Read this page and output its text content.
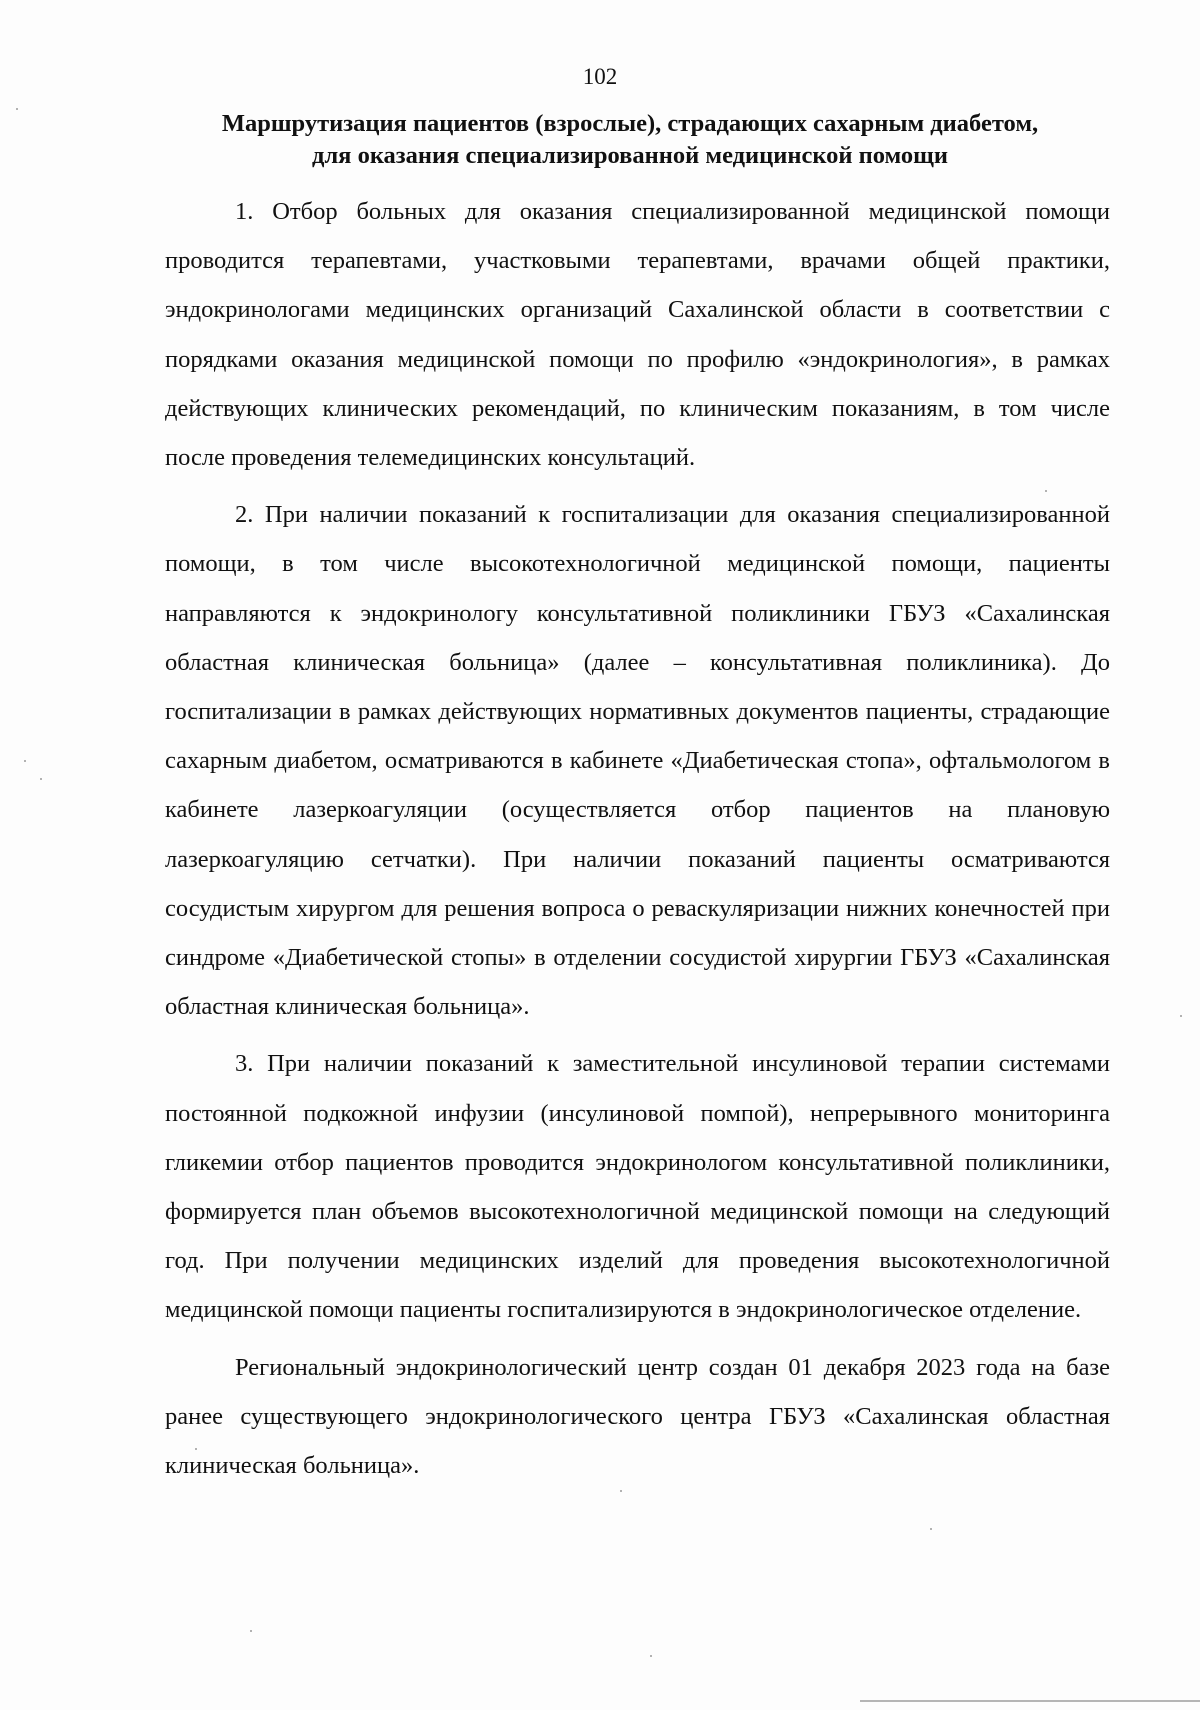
102
Маршрутизация пациентов (взрослые), страдающих сахарным диабетом,
для оказания специализированной медицинской помощи

1. Отбор больных для оказания специализированной медицинской помощи проводится терапевтами, участковыми терапевтами, врачами общей практики, эндокринологами медицинских организаций Сахалинской области в соответствии с порядками оказания медицинской помощи по профилю «эндокринология», в рамках действующих клинических рекомендаций, по клиническим показаниям, в том числе после проведения телемедицинских консультаций.

2. При наличии показаний к госпитализации для оказания специализированной помощи, в том числе высокотехнологичной медицинской помощи, пациенты направляются к эндокринологу консультативной поликлиники ГБУЗ «Сахалинская областная клиническая больница» (далее – консультативная поликлиника). До госпитализации в рамках действующих нормативных документов пациенты, страдающие сахарным диабетом, осматриваются в кабинете «Диабетическая стопа», офтальмологом в кабинете лазеркоагуляции (осуществляется отбор пациентов на плановую лазеркоагуляцию сетчатки). При наличии показаний пациенты осматриваются сосудистым хирургом для решения вопроса о реваскуляризации нижних конечностей при синдроме «Диабетической стопы» в отделении сосудистой хирургии ГБУЗ «Сахалинская областная клиническая больница».

3. При наличии показаний к заместительной инсулиновой терапии системами постоянной подкожной инфузии (инсулиновой помпой), непрерывного мониторинга гликемии отбор пациентов проводится эндокринологом консультативной поликлиники, формируется план объемов высокотехнологичной медицинской помощи на следующий год. При получении медицинских изделий для проведения высокотехнологичной медицинской помощи пациенты госпитализируются в эндокринологическое отделение.

Региональный эндокринологический центр создан 01 декабря 2023 года на базе ранее существующего эндокринологического центра ГБУЗ «Сахалинская областная клиническая больница».
